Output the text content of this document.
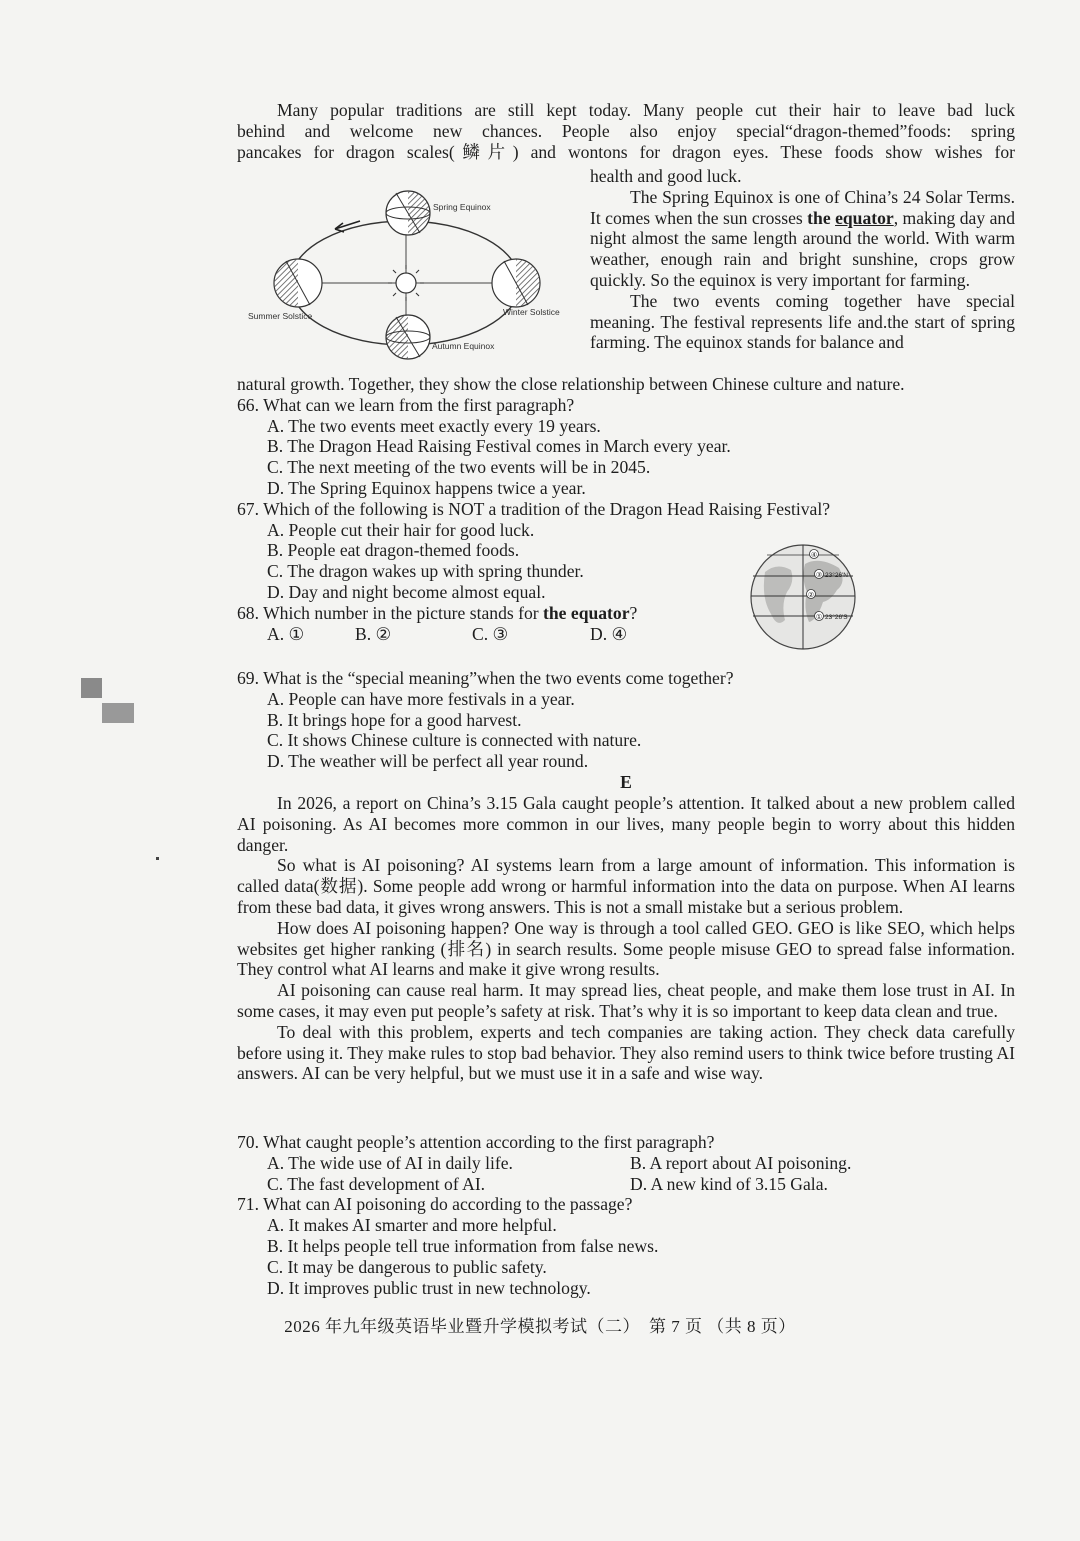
Many popular traditions are still kept today. Many people cut their hair to leave bad luck

behind and welcome new chances. People also enjoy special“dragon-themed”foods: spring

pancakes for dragon scales(鳞片) and wontons for dragon eyes. These foods show wishes for

health and good luck.

The Spring Equinox is one of China’s 24 Solar Terms. It comes when the sun crosses the equator, making day and night almost the same length around the world. With warm weather, enough rain and bright sunshine, crops grow quickly. So the equinox is very important for farming.

The two events coming together have special meaning. The festival represents life and.the start of spring farming. The equinox stands for balance and

Spring Equinox
Summer Solstice	Winter Solstice
Autumn Equinox

natural growth. Together, they show the close relationship between Chinese culture and nature.

66. What can we learn from the first paragraph?

A. The two events meet exactly every 19 years.

B. The Dragon Head Raising Festival comes in March every year.

C. The next meeting of the two events will be in 2045.

D. The Spring Equinox happens twice a year.

67. Which of the following is NOT a tradition of the Dragon Head Raising Festival?

A. People cut their hair for good luck.

B. People eat dragon-themed foods.

C. The dragon wakes up with spring thunder.

D. Day and night become almost equal.

68. Which number in the picture stands for the equator?

A. ①	B. ②	C. ③	D. ④

④
③
②
①
23°26′N
23°26′S

69. What is the “special meaning”when the two events come together?

A. People can have more festivals in a year.

B. It brings hope for a good harvest.

C. It shows Chinese culture is connected with nature.

D. The weather will be perfect all year round.

E

In 2026, a report on China’s 3.15 Gala caught people’s attention. It talked about a new problem called AI poisoning. As AI becomes more common in our lives, many people begin to worry about this hidden danger.

So what is AI poisoning? AI systems learn from a large amount of information. This information is called data(数据). Some people add wrong or harmful information into the data on purpose. When AI learns from these bad data, it gives wrong answers. This is not a small mistake but a serious problem.

How does AI poisoning happen? One way is through a tool called GEO. GEO is like SEO, which helps websites get higher ranking (排名) in search results. Some people misuse GEO to spread false information. They control what AI learns and make it give wrong results.

AI poisoning can cause real harm. It may spread lies, cheat people, and make them lose trust in AI. In some cases, it may even put people’s safety at risk. That’s why it is so important to keep data clean and true.

To deal with this problem, experts and tech companies are taking action. They check data carefully before using it. They make rules to stop bad behavior. They also remind users to think twice before trusting AI answers. AI can be very helpful, but we must use it in a safe and wise way.

70. What caught people’s attention according to the first paragraph?

A. The wide use of AI in daily life.	B. A report about AI poisoning.

C. The fast development of AI.	D. A new kind of 3.15 Gala.

71. What can AI poisoning do according to the passage?

A. It makes AI smarter and more helpful.

B. It helps people tell true information from false news.

C. It may be dangerous to public safety.

D. It improves public trust in new technology.

2026 年九年级英语毕业暨升学模拟考试（二）　第 7 页 （共 8 页）
